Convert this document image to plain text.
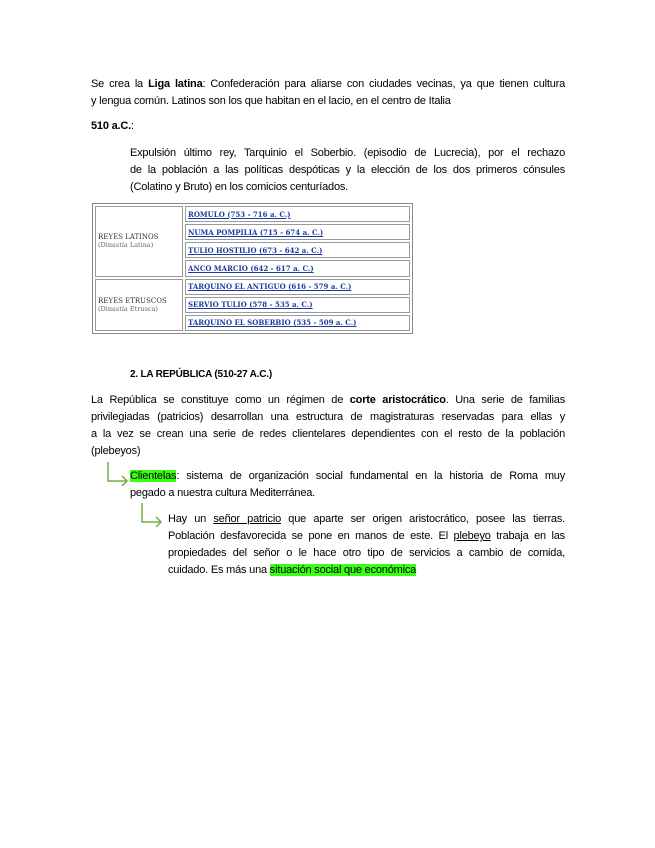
Se crea la Liga latina: Confederación para aliarse con ciudades vecinas, ya que tienen cultura
y lengua común. Latinos son los que habitan en el lacio, en el centro de Italia
510 a.C.:
Expulsión último rey, Tarquinio el Soberbio. (episodio de Lucrecia), por el rechazo
de la población a las políticas despóticas y la elección de los dos primeros cónsules
(Colatino y Bruto) en los comicios centuríados.
REYES LATINOS
(Dinastía Latina)	ROMULO (753 - 716 a. C.)
	NUMA POMPILIA (715 - 674 a. C.)
	TULIO HOSTILIO (673 - 642 a. C.)
	ANCO MARCIO (642 - 617 a. C.)
REYES ETRUSCOS
(Dinastía Etrusca)	TARQUINO EL ANTIGUO (616 - 579 a. C.)
	SERVIO TULIO (578 - 535 a. C.)
	TARQUINO EL SOBERBIO (535 - 509 a. C.)
2. LA REPÚBLICA (510-27 A.C.)
La República se constituye como un régimen de corte aristocrático. Una serie de familias
privilegiadas (patricios) desarrollan una estructura de magistraturas reservadas para ellas y
a la vez se crean una serie de redes clientelares dependientes con el resto de la población
(plebeyos)
Clientelas: sistema de organización social fundamental en la historia de Roma muy
pegado a nuestra cultura Mediterránea.
Hay un señor patricio que aparte ser origen aristocrático, posee las tierras.
Población desfavorecida se pone en manos de este. El plebeyo trabaja en las
propiedades del señor o le hace otro tipo de servicios a cambio de comida,
cuidado. Es más una situación social que económica
